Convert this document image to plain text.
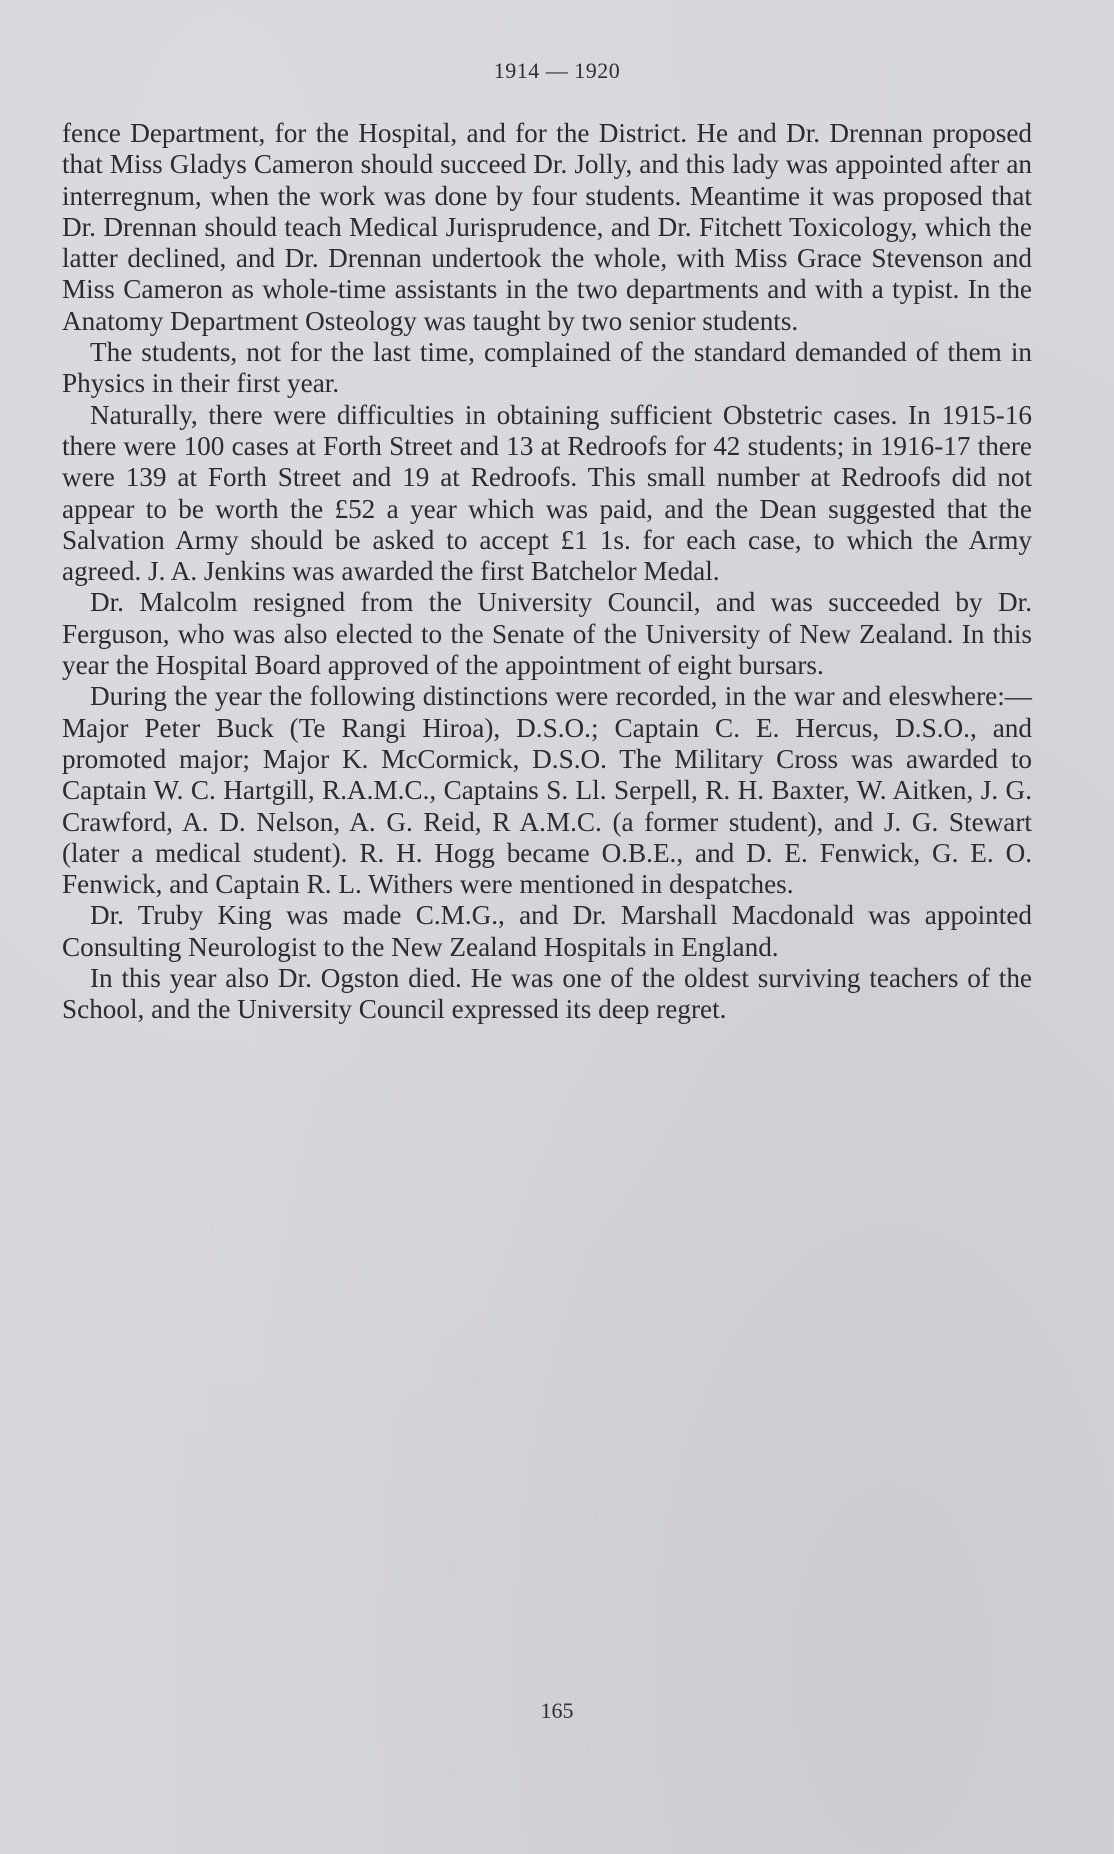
1914 — 1920

fence Department, for the Hospital, and for the District. He and Dr. Drennan proposed that Miss Gladys Cameron should succeed Dr. Jolly, and this lady was appointed after an interregnum, when the work was done by four students. Meantime it was proposed that Dr. Drennan should teach Medical Jurisprudence, and Dr. Fitchett Toxicology, which the latter declined, and Dr. Drennan undertook the whole, with Miss Grace Stevenson and Miss Cameron as whole-time assistants in the two departments and with a typist. In the Anatomy Department Osteology was taught by two senior students.

The students, not for the last time, complained of the standard demanded of them in Physics in their first year.

Naturally, there were difficulties in obtaining sufficient Obstetric cases. In 1915-16 there were 100 cases at Forth Street and 13 at Redroofs for 42 students; in 1916-17 there were 139 at Forth Street and 19 at Redroofs. This small number at Redroofs did not appear to be worth the £52 a year which was paid, and the Dean suggested that the Salvation Army should be asked to accept £1 1s. for each case, to which the Army agreed. J. A. Jenkins was awarded the first Batchelor Medal.

Dr. Malcolm resigned from the University Council, and was succeeded by Dr. Ferguson, who was also elected to the Senate of the University of New Zealand. In this year the Hospital Board approved of the appointment of eight bursars.

During the year the following distinctions were recorded, in the war and eleswhere:—Major Peter Buck (Te Rangi Hiroa), D.S.O.; Captain C. E. Hercus, D.S.O., and promoted major; Major K. McCormick, D.S.O. The Military Cross was awarded to Captain W. C. Hartgill, R.A.M.C., Captains S. Ll. Serpell, R. H. Baxter, W. Aitken, J. G. Crawford, A. D. Nelson, A. G. Reid, R A.M.C. (a former student), and J. G. Stewart (later a medical student). R. H. Hogg became O.B.E., and D. E. Fenwick, G. E. O. Fenwick, and Captain R. L. Withers were mentioned in despatches.

Dr. Truby King was made C.M.G., and Dr. Marshall Macdonald was appointed Consulting Neurologist to the New Zealand Hospitals in England.

In this year also Dr. Ogston died. He was one of the oldest surviving teachers of the School, and the University Council expressed its deep regret.

165
